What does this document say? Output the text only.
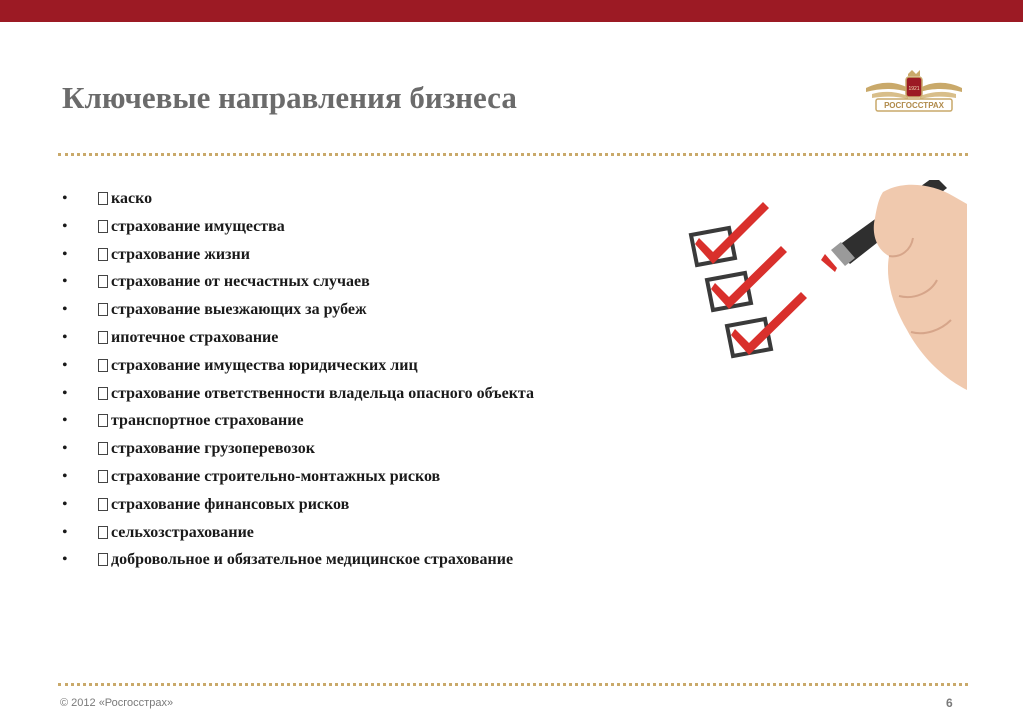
Ключевые направления бизнеса	1921
РОСГОССТРАХ
•	каско
•	страхование имущества
•	страхование жизни
•	страхование от несчастных случаев
•	страхование выезжающих за рубеж
•	ипотечное страхование
•	страхование имущества юридических лиц
•	страхование ответственности владельца опасного объекта
•	транспортное страхование
•	страхование грузоперевозок
•	страхование строительно-монтажных рисков
•	страхование финансовых рисков
•	сельхозстрахование
•	добровольное и обязательное медицинское страхование
© 2012 «Росгосстрах»	6
